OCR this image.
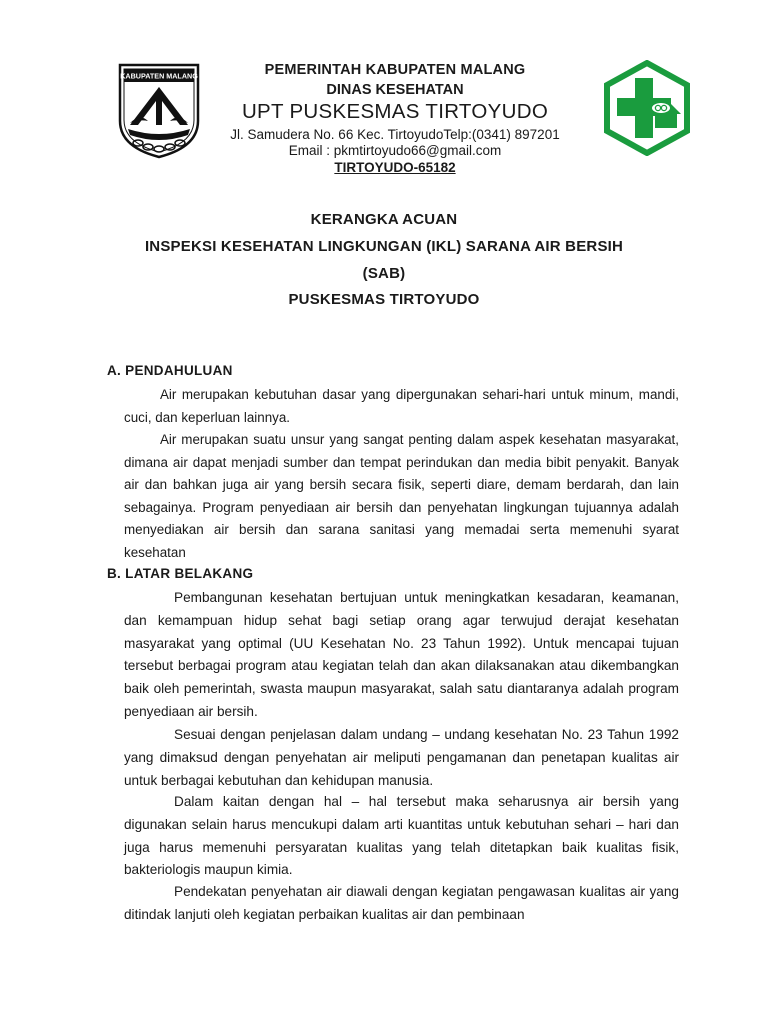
KABUPATEN MALANG	PEMERINTAH KABUPATEN MALANG
DINAS KESEHATAN
UPT PUSKESMAS TIRTOYUDO
Jl. Samudera No. 66 Kec. TirtoyudoTelp:(0341) 897201
Email : pkmtirtoyudo66@gmail.com
TIRTOYUDO-65182
KERANGKA ACUAN
INSPEKSI KESEHATAN LINGKUNGAN (IKL) SARANA AIR BERSIH
(SAB)
PUSKESMAS TIRTOYUDO
A. PENDAHULUAN

Air merupakan kebutuhan dasar yang dipergunakan sehari-hari untuk minum, mandi, cuci, dan keperluan lainnya.

Air merupakan suatu unsur yang sangat penting dalam aspek kesehatan masyarakat, dimana air dapat menjadi sumber dan tempat perindukan dan media bibit penyakit. Banyak air dan bahkan juga air yang bersih secara fisik, seperti diare, demam berdarah, dan lain sebagainya. Program penyediaan air bersih dan penyehatan lingkungan tujuannya adalah menyediakan air bersih dan sarana sanitasi yang memadai serta memenuhi syarat kesehatan

B. LATAR BELAKANG

Pembangunan kesehatan bertujuan untuk meningkatkan kesadaran, keamanan, dan kemampuan hidup sehat bagi setiap orang agar terwujud derajat kesehatan masyarakat yang optimal (UU Kesehatan No. 23 Tahun 1992). Untuk mencapai tujuan tersebut berbagai program atau kegiatan telah dan akan dilaksanakan atau dikembangkan baik oleh pemerintah, swasta maupun masyarakat, salah satu diantaranya adalah program penyediaan air bersih.

Sesuai dengan penjelasan dalam undang – undang kesehatan No. 23 Tahun 1992 yang dimaksud dengan penyehatan air meliputi pengamanan dan penetapan kualitas air untuk berbagai kebutuhan dan kehidupan manusia.

Dalam kaitan dengan hal – hal tersebut maka seharusnya air bersih yang digunakan selain harus mencukupi dalam arti kuantitas untuk kebutuhan sehari – hari dan juga harus memenuhi persyaratan kualitas yang telah ditetapkan baik kualitas fisik, bakteriologis maupun kimia.

Pendekatan penyehatan air diawali dengan kegiatan pengawasan kualitas air yang ditindak lanjuti oleh kegiatan perbaikan kualitas air dan pembinaan
